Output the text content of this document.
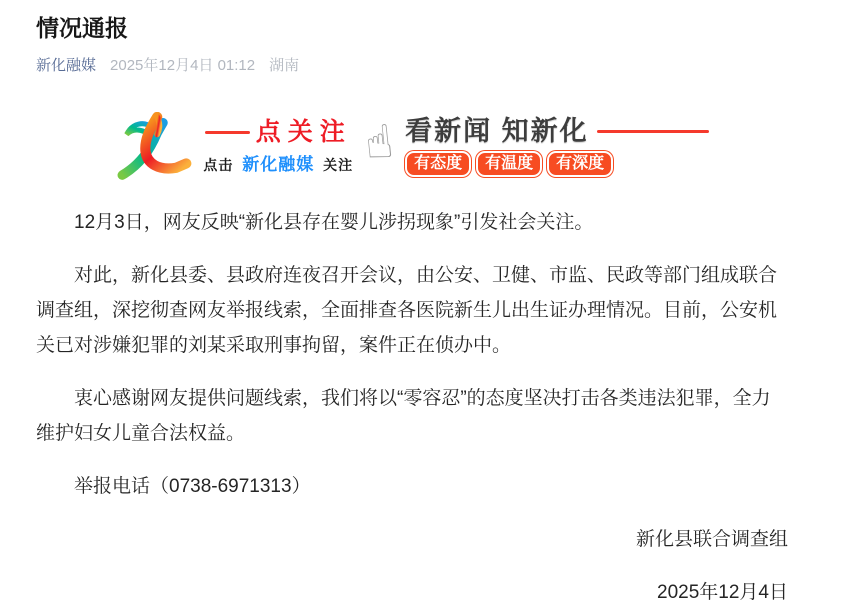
情况通报
新化融媒 2025年12月4日 01:12 湖南
点关注
点击 新化融媒 关注 ☝ 看新闻 知新化
有态度	有温度	有深度

12月3日，网友反映“新化县存在婴儿涉拐现象”引发社会关注。

对此，新化县委、县政府连夜召开会议，由公安、卫健、市监、民政等部门组成联合调查组，深挖彻查网友举报线索，全面排查各医院新生儿出生证办理情况。目前，公安机关已对涉嫌犯罪的刘某采取刑事拘留，案件正在侦办中。

衷心感谢网友提供问题线索，我们将以“零容忍”的态度坚决打击各类违法犯罪，全力维护妇女儿童合法权益。

举报电话（0738-6971313）

新化县联合调查组

2025年12月4日
